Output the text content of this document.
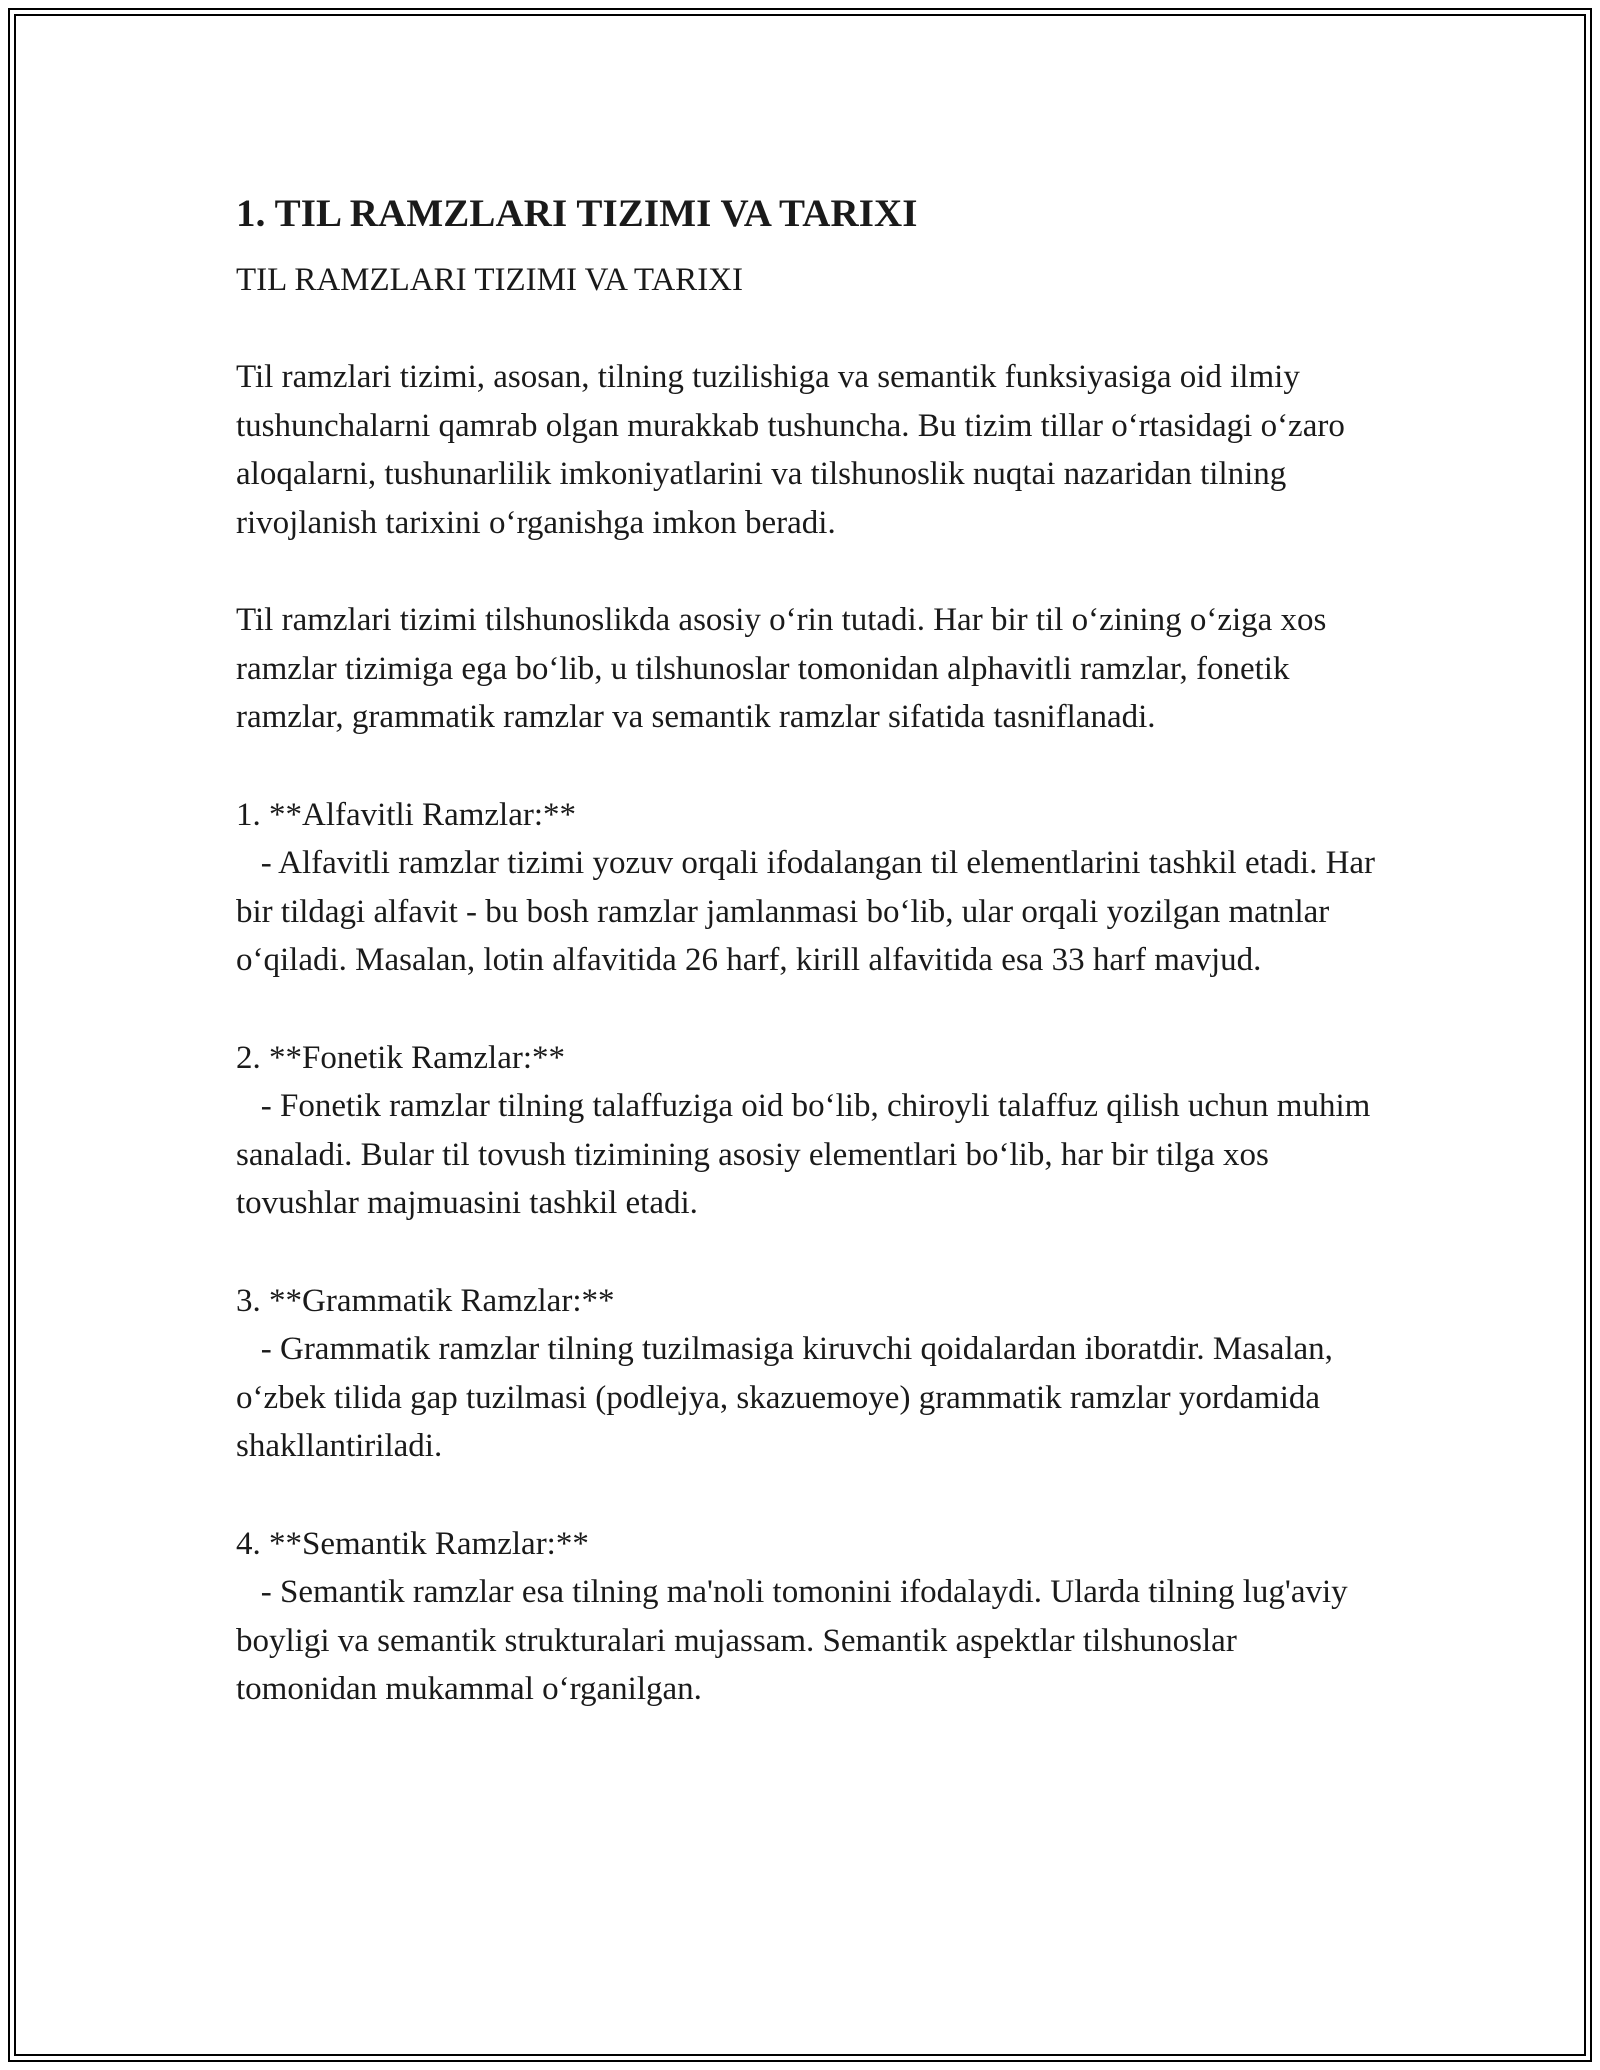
1. TIL RAMZLARI TIZIMI VA TARIXI

TIL RAMZLARI TIZIMI VA TARIXI

Til ramzlari tizimi, asosan, tilning tuzilishiga va semantik funksiyasiga oid ilmiy tushunchalarni qamrab olgan murakkab tushuncha. Bu tizim tillar o‘rtasidagi o‘zaro aloqalarni, tushunarlilik imkoniyatlarini va tilshunoslik nuqtai nazaridan tilning rivojlanish tarixini o‘rganishga imkon beradi.

Til ramzlari tizimi tilshunoslikda asosiy o‘rin tutadi. Har bir til o‘zining o‘ziga xos ramzlar tizimiga ega bo‘lib, u tilshunoslar tomonidan alphavitli ramzlar, fonetik ramzlar, grammatik ramzlar va semantik ramzlar sifatida tasniflanadi.

1. **Alfavitli Ramzlar:**

- Alfavitli ramzlar tizimi yozuv orqali ifodalangan til elementlarini tashkil etadi. Har bir tildagi alfavit - bu bosh ramzlar jamlanmasi bo‘lib, ular orqali yozilgan matnlar o‘qiladi. Masalan, lotin alfavitida 26 harf, kirill alfavitida esa 33 harf mavjud.

2. **Fonetik Ramzlar:**

- Fonetik ramzlar tilning talaffuziga oid bo‘lib, chiroyli talaffuz qilish uchun muhim sanaladi. Bular til tovush tizimining asosiy elementlari bo‘lib, har bir tilga xos tovushlar majmuasini tashkil etadi.

3. **Grammatik Ramzlar:**

- Grammatik ramzlar tilning tuzilmasiga kiruvchi qoidalardan iboratdir. Masalan, o‘zbek tilida gap tuzilmasi (podlejya, skazuemoye) grammatik ramzlar yordamida shakllantiriladi.

4. **Semantik Ramzlar:**

- Semantik ramzlar esa tilning ma'noli tomonini ifodalaydi. Ularda tilning lug'aviy boyligi va semantik strukturalari mujassam. Semantik aspektlar tilshunoslar tomonidan mukammal o‘rganilgan.
